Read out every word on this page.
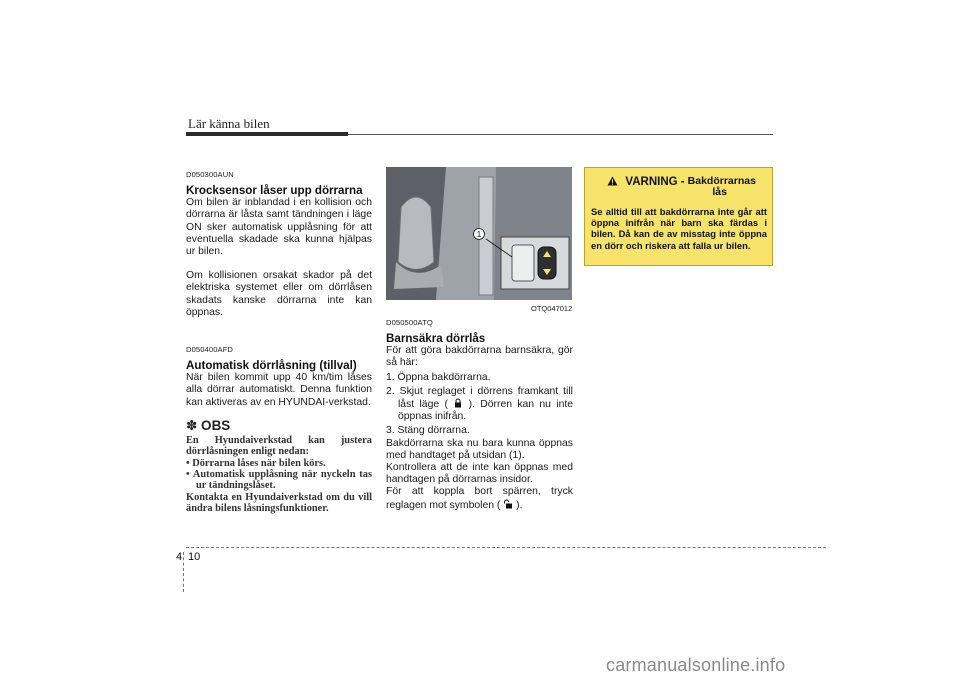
Lär känna bilen
D050300AUN
Krocksensor låser upp dörrarna
Om bilen är inblandad i en kollision och dörrarna är låsta samt tändningen i läge ON sker automatisk upplåsning för att eventuella skadade ska kunna hjälpas ur bilen.
Om kollisionen orsakat skador på det elektriska systemet eller om dörrlåsen skadats kanske dörrarna inte kan öppnas.
D050400AFD
Automatisk dörrlåsning (tillval)
När bilen kommit upp 40 km/tim låses alla dörrar automatiskt. Denna funktion kan aktiveras av en HYUNDAI-verkstad.
✽ OBS
En Hyundaiverkstad kan justera dörrlåsningen enligt nedan:
• Dörrarna låses när bilen körs.
• Automatisk upplåsning när nyckeln tas ur tändningslåset.
Kontakta en Hyundaiverkstad om du vill ändra bilens låsningsfunktioner.
1
OTQ047012
D050500ATQ
Barnsäkra dörrlås
För att göra bakdörrarna barnsäkra, gör så här:
1. Öppna bakdörrarna.
2. Skjut reglaget i dörrens framkant till låst läge ( ). Dörren kan nu inte öppnas inifrån.
3. Stäng dörrarna.
Bakdörrarna ska nu bara kunna öppnas med handtaget på utsidan (1).
Kontrollera att de inte kan öppnas med handtagen på dörrarnas insidor.
För att koppla bort spärren, tryck reglagen mot symbolen ( ).
VARNING - Bakdörrarnas lås
Se alltid till att bakdörrarna inte går att öppna inifrån när barn ska färdas i bilen. Då kan de av misstag inte öppna en dörr och riskera att falla ur bilen.
4 10
carmanualsonline.info
